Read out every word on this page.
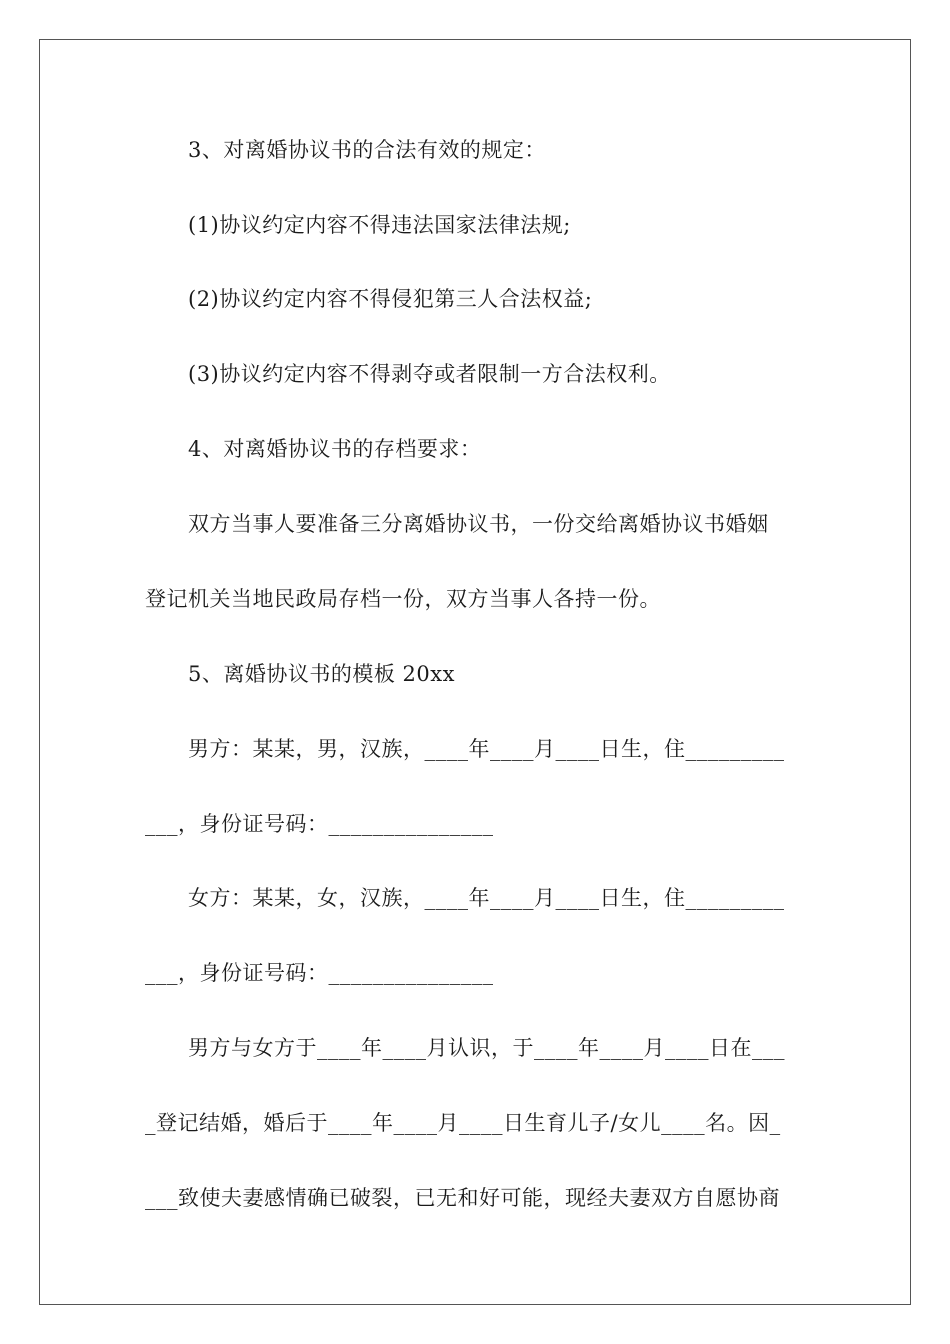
3、对离婚协议书的合法有效的规定：
(1)协议约定内容不得违法国家法律法规;
(2)协议约定内容不得侵犯第三人合法权益;
(3)协议约定内容不得剥夺或者限制一方合法权利。
4、对离婚协议书的存档要求：
双方当事人要准备三分离婚协议书，一份交给离婚协议书婚姻
登记机关当地民政局存档一份，双方当事人各持一份。
5、离婚协议书的模板 20xx
男方：某某，男，汉族，____年____月____日生，住_________
___，身份证号码：_______________
女方：某某，女，汉族，____年____月____日生，住_________
___，身份证号码：_______________
男方与女方于____年____月认识，于____年____月____日在___
_登记结婚，婚后于____年____月____日生育儿子/女儿____名。因_
___致使夫妻感情确已破裂，已无和好可能，现经夫妻双方自愿协商
